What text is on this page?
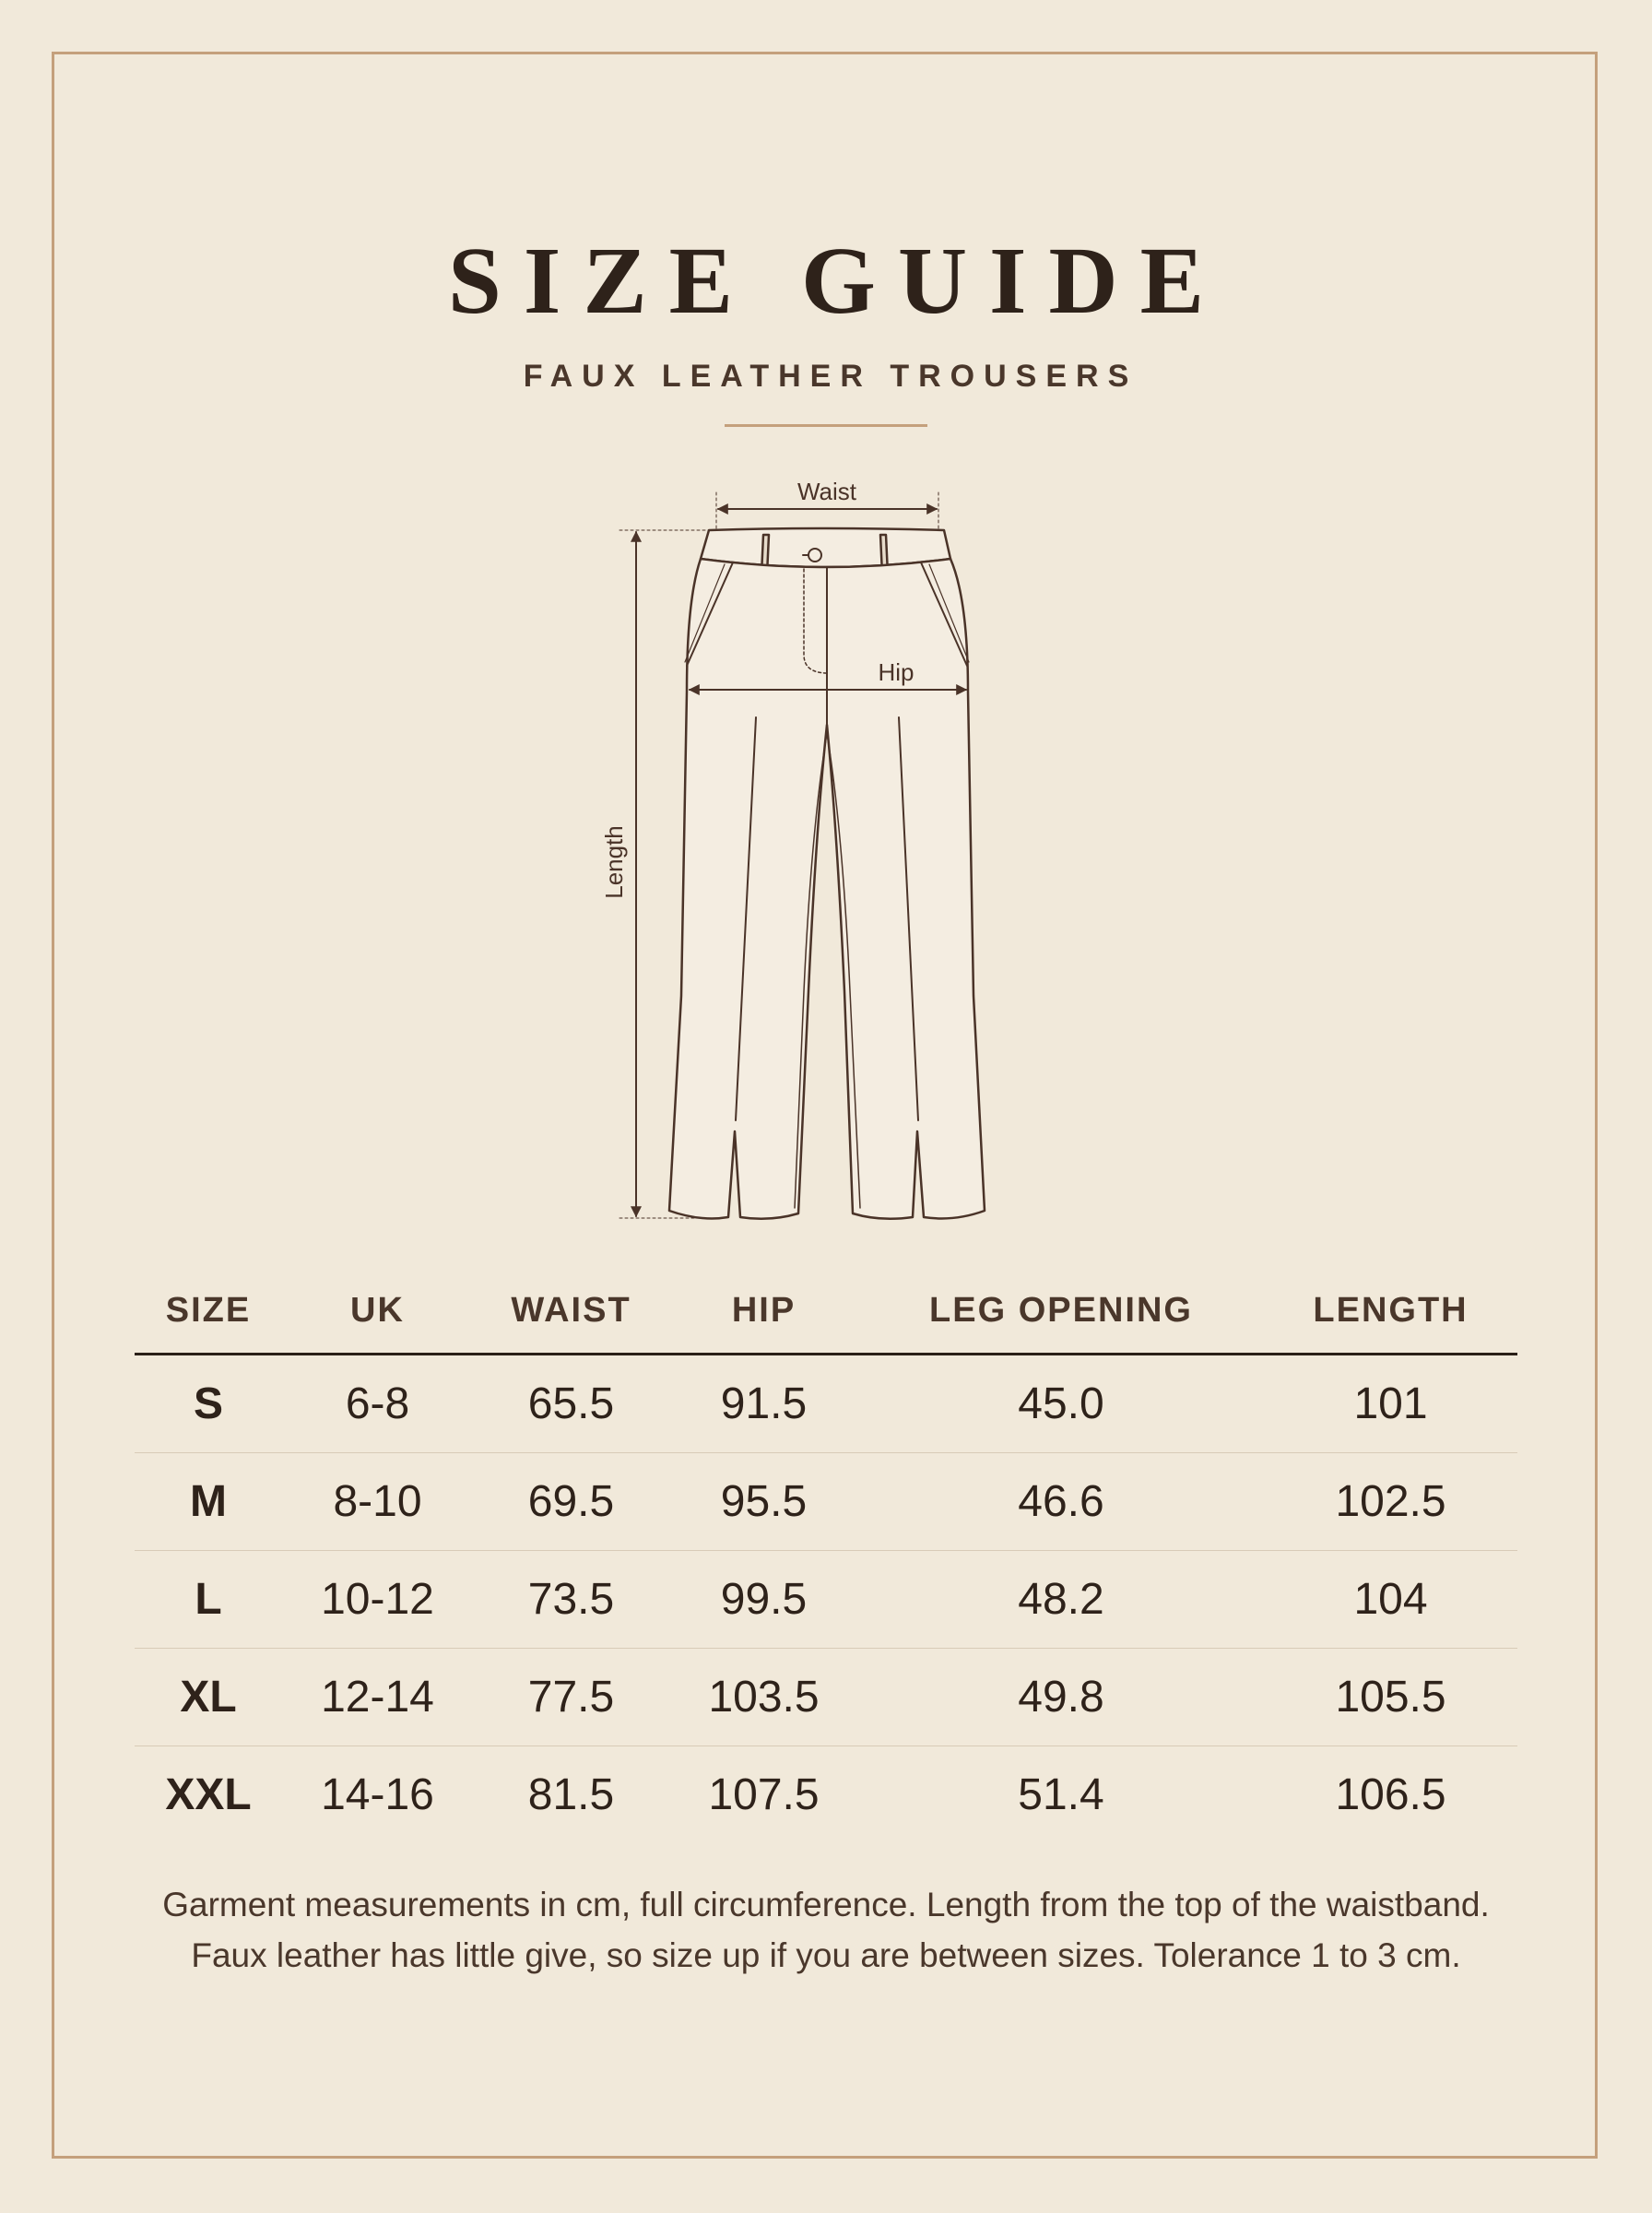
SIZE GUIDE
FAUX LEATHER TROUSERS
Waist
Hip
Length
SIZE	UK	WAIST	HIP	LEG OPENING	LENGTH
S	6-8	65.5	91.5	45.0	101
M	8-10	69.5	95.5	46.6	102.5
L	10-12	73.5	99.5	48.2	104
XL	12-14	77.5	103.5	49.8	105.5
XXL	14-16	81.5	107.5	51.4	106.5
Garment measurements in cm, full circumference. Length from the top of the waistband.
Faux leather has little give, so size up if you are between sizes. Tolerance 1 to 3 cm.
